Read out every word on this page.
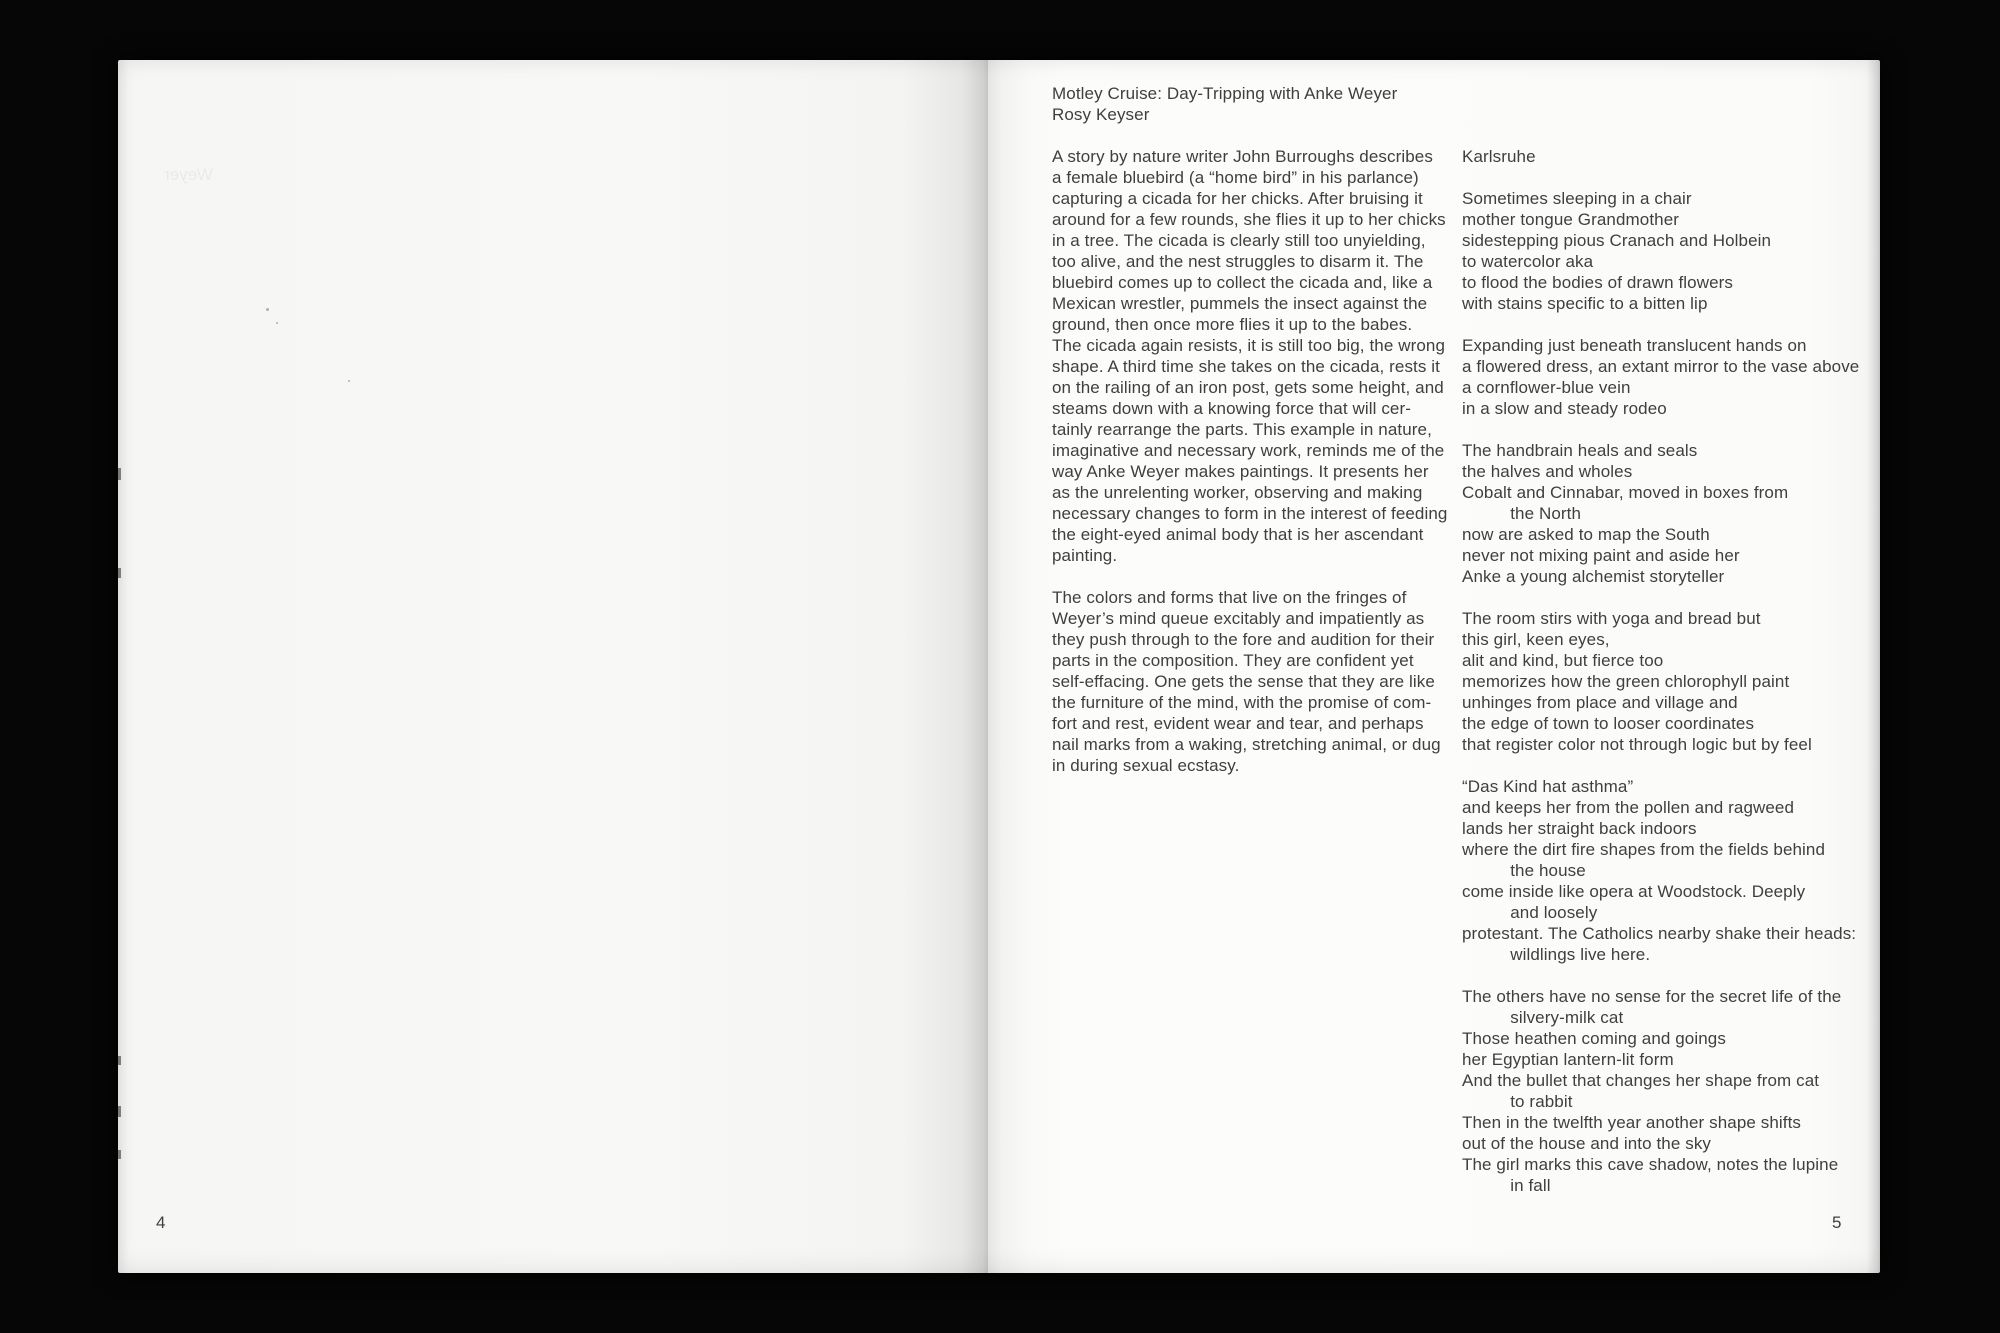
Weyer
Motley Cruise: Day-Tripping with Anke Weyer
Rosy Keyser
A story by nature writer John Burroughs describes
a female bluebird (a “home bird” in his parlance)
capturing a cicada for her chicks. After bruising it
around for a few rounds, she flies it up to her chicks
in a tree. The cicada is clearly still too unyielding,
too alive, and the nest struggles to disarm it. The
bluebird comes up to collect the cicada and, like a
Mexican wrestler, pummels the insect against the
ground, then once more flies it up to the babes.
The cicada again resists, it is still too big, the wrong
shape. A third time she takes on the cicada, rests it
on the railing of an iron post, gets some height, and
steams down with a knowing force that will cer-
tainly rearrange the parts. This example in nature,
imaginative and necessary work, reminds me of the
way Anke Weyer makes paintings. It presents her
as the unrelenting worker, observing and making
necessary changes to form in the interest of feeding
the eight-eyed animal body that is her ascendant
painting.
The colors and forms that live on the fringes of
Weyer’s mind queue excitably and impatiently as
they push through to the fore and audition for their
parts in the composition. They are confident yet
self-effacing. One gets the sense that they are like
the furniture of the mind, with the promise of com-
fort and rest, evident wear and tear, and perhaps
nail marks from a waking, stretching animal, or dug
in during sexual ecstasy.
Karlsruhe
Sometimes sleeping in a chair
mother tongue Grandmother
sidestepping pious Cranach and Holbein
to watercolor aka
to flood the bodies of drawn flowers
with stains specific to a bitten lip
Expanding just beneath translucent hands on
a flowered dress, an extant mirror to the vase above
a cornflower-blue vein
in a slow and steady rodeo
The handbrain heals and seals
the halves and wholes
Cobalt and Cinnabar, moved in boxes from
the North
now are asked to map the South
never not mixing paint and aside her
Anke a young alchemist storyteller
The room stirs with yoga and bread but
this girl, keen eyes,
alit and kind, but fierce too
memorizes how the green chlorophyll paint
unhinges from place and village and
the edge of town to looser coordinates
that register color not through logic but by feel
“Das Kind hat asthma”
and keeps her from the pollen and ragweed
lands her straight back indoors
where the dirt fire shapes from the fields behind
the house
come inside like opera at Woodstock. Deeply
and loosely
protestant. The Catholics nearby shake their heads:
wildlings live here.
The others have no sense for the secret life of the
silvery-milk cat
Those heathen coming and goings
her Egyptian lantern-lit form
And the bullet that changes her shape from cat
to rabbit
Then in the twelfth year another shape shifts
out of the house and into the sky
The girl marks this cave shadow, notes the lupine
in fall
4	5
